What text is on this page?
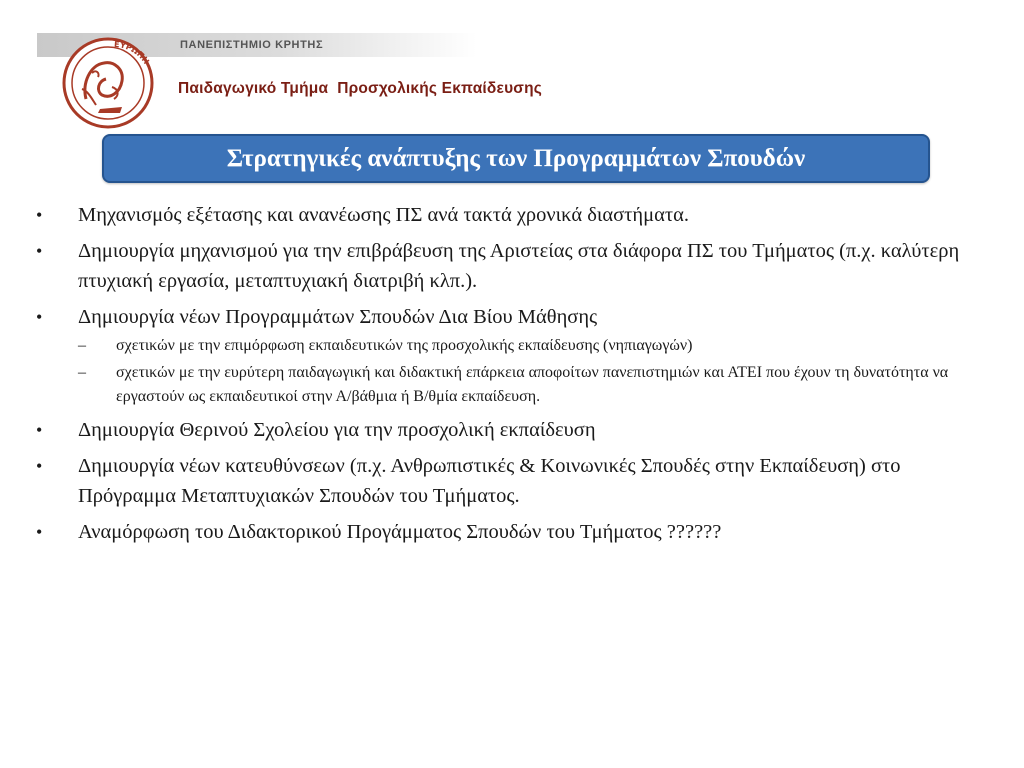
ΕΥΡΩΠΗ
ΠΑΝΕΠΙΣΤΗΜΙΟ ΚΡΗΤΗΣ
Παιδαγωγικό Τμήμα Προσχολικής Εκπαίδευσης
Στρατηγικές ανάπτυξης των Προγραμμάτων Σπουδών
• Μηχανισμός εξέτασης και ανανέωσης ΠΣ ανά τακτά χρονικά διαστήματα.
• Δημιουργία μηχανισμού για την επιβράβευση της Αριστείας στα διάφορα ΠΣ του Τμήματος (π.χ. καλύτερη πτυχιακή εργασία, μεταπτυχιακή διατριβή κλπ.).
• Δημιουργία νέων Προγραμμάτων Σπουδών Δια Βίου Μάθησης
– σχετικών με την επιμόρφωση εκπαιδευτικών της προσχολικής εκπαίδευσης (νηπιαγωγών)
– σχετικών με την ευρύτερη παιδαγωγική και διδακτική επάρκεια αποφοίτων πανεπιστημιών και ΑΤΕΙ που έχουν τη δυνατότητα να εργαστούν ως εκπαιδευτικοί στην Α/βάθμια ή Β/θμία εκπαίδευση.
• Δημιουργία Θερινού Σχολείου για την προσχολική εκπαίδευση
• Δημιουργία νέων κατευθύνσεων (π.χ. Ανθρωπιστικές & Κοινωνικές Σπουδές στην Εκπαίδευση) στο Πρόγραμμα Μεταπτυχιακών Σπουδών του Τμήματος.
• Αναμόρφωση του Διδακτορικού Προγάμματος Σπουδών του Τμήματος ??????
